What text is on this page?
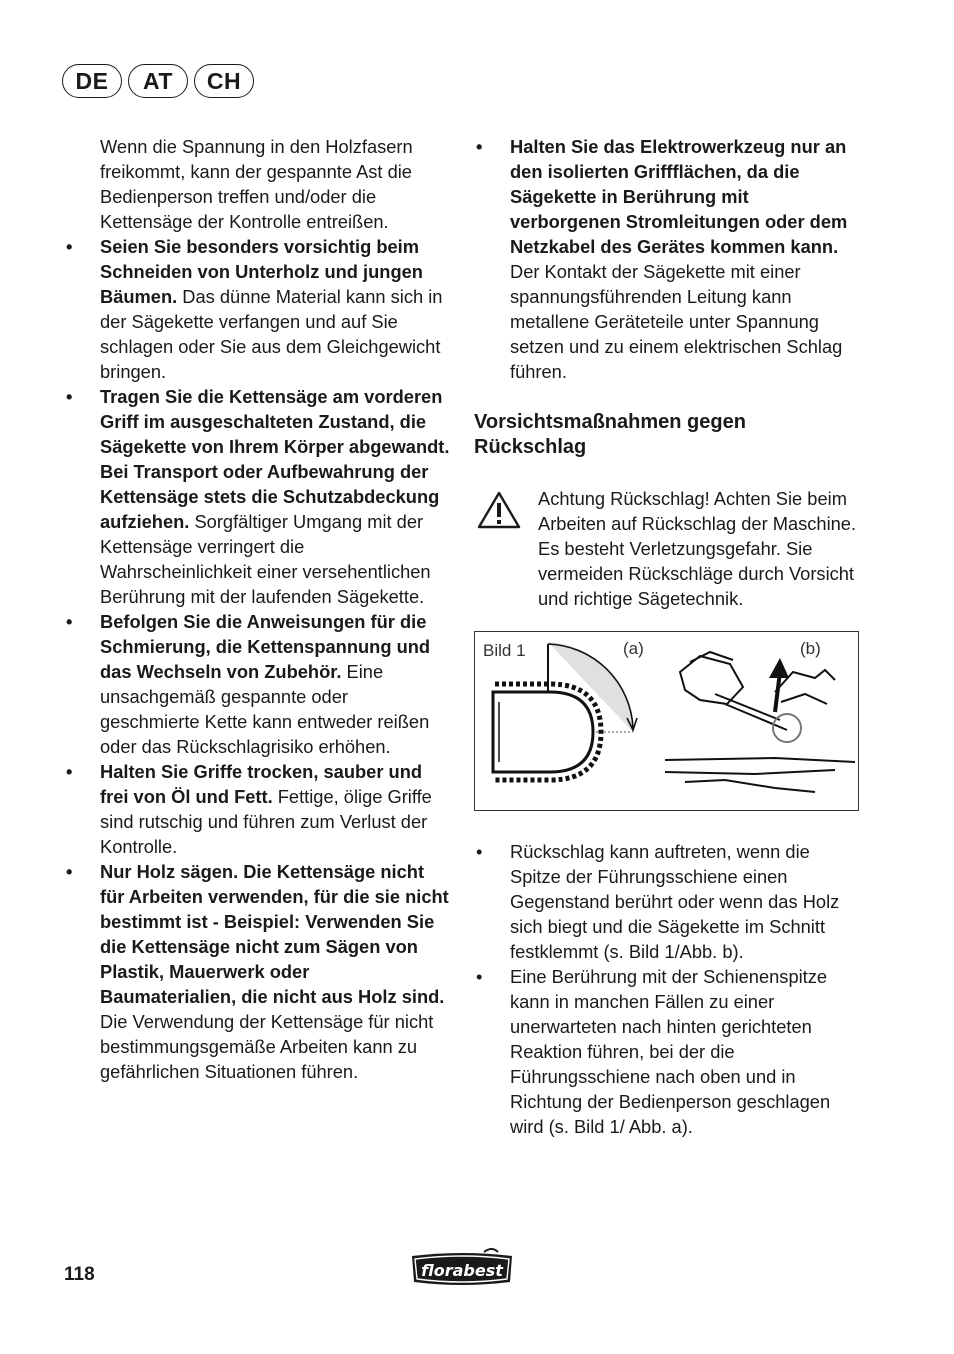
DE	AT	CH

Wenn die Spannung in den Holzfasern freikommt, kann der gespannte Ast die Bedienperson treffen und/oder die Kettensäge der Kontrolle entreißen.

• Seien Sie besonders vorsichtig beim Schneiden von Unterholz und jungen Bäumen. Das dünne Material kann sich in der Sägekette verfangen und auf Sie schlagen oder Sie aus dem Gleichgewicht bringen.
• Tragen Sie die Kettensäge am vorderen Griff im ausgeschalteten Zustand, die Sägekette von Ihrem Körper abgewandt. Bei Transport oder Aufbewahrung der Kettensäge stets die Schutzabdeckung aufziehen. Sorgfältiger Umgang mit der Kettensäge verringert die Wahrscheinlichkeit einer versehentlichen Berührung mit der laufenden Sägekette.
• Befolgen Sie die Anweisungen für die Schmierung, die Kettenspannung und das Wechseln von Zubehör. Eine unsachgemäß gespannte oder geschmierte Kette kann entweder reißen oder das Rückschlagrisiko erhöhen.
• Halten Sie Griffe trocken, sauber und frei von Öl und Fett. Fettige, ölige Griffe sind rutschig und führen zum Verlust der Kontrolle.
• Nur Holz sägen. Die Kettensäge nicht für Arbeiten verwenden, für die sie nicht bestimmt ist - Beispiel: Verwenden Sie die Kettensäge nicht zum Sägen von Plastik, Mauerwerk oder Baumaterialien, die nicht aus Holz sind. Die Verwendung der Kettensäge für nicht bestimmungsgemäße Arbeiten kann zu gefährlichen Situationen führen.
• Halten Sie das Elektrowerkzeug nur an den isolierten Griffflächen, da die Sägekette in Berührung mit verborgenen Stromleitungen oder dem Netzkabel des Gerätes kommen kann. Der Kontakt der Sägekette mit einer spannungsführenden Leitung kann metallene Geräteteile unter Spannung setzen und zu einem elektrischen Schlag führen.
Vorsichtsmaßnahmen gegen Rückschlag

Achtung Rückschlag! Achten Sie beim Arbeiten auf Rückschlag der Maschine. Es besteht Verletzungsgefahr. Sie vermeiden Rückschläge durch Vorsicht und richtige Sägetechnik.

Bild 1	(a)	(b)
• Rückschlag kann auftreten, wenn die Spitze der Führungsschiene einen Gegenstand berührt oder wenn das Holz sich biegt und die Sägekette im Schnitt festklemmt (s. Bild 1/Abb. b).
• Eine Berührung mit der Schienenspitze kann in manchen Fällen zu einer unerwarteten nach hinten gerichteten Reaktion führen, bei der die Führungsschiene nach oben und in Richtung der Bedienperson geschlagen wird (s. Bild 1/ Abb. a).
118	florabest
